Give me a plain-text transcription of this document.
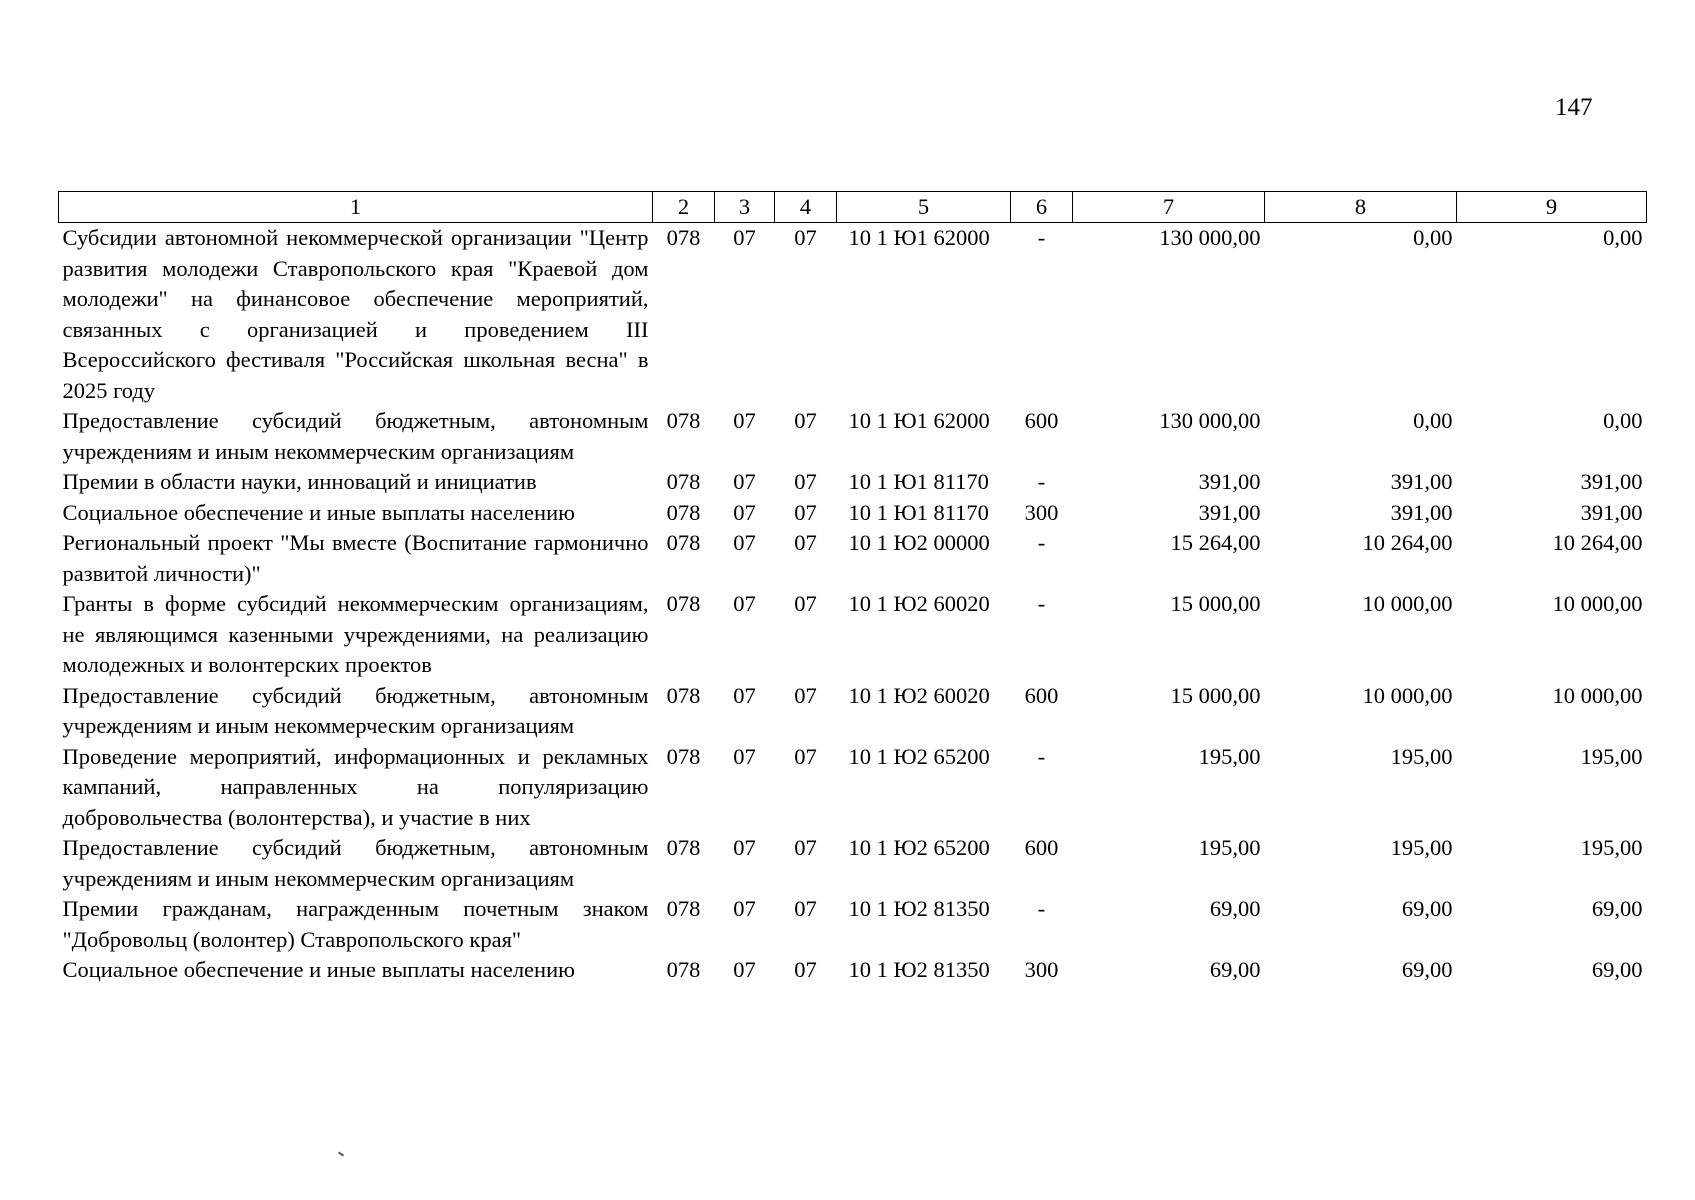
147
1	2	3	4	5	6	7	8	9
Субсидии автономной некоммерческой организации "Центр развития молодежи Ставропольского края "Краевой дом молодежи" на финансовое обеспечение мероприятий, связанных с организацией и проведением III Всероссийского фестиваля "Российская школьная весна" в 2025 году	078	07	07	10 1 Ю1 62000	-	130 000,00	0,00	0,00
Предоставление субсидий бюджетным, автономным учреждениям и иным некоммерческим организациям	078	07	07	10 1 Ю1 62000	600	130 000,00	0,00	0,00
Премии в области науки, инноваций и инициатив	078	07	07	10 1 Ю1 81170	-	391,00	391,00	391,00
Социальное обеспечение и иные выплаты населению	078	07	07	10 1 Ю1 81170	300	391,00	391,00	391,00
Региональный проект "Мы вместе (Воспитание гармонично развитой личности)"	078	07	07	10 1 Ю2 00000	-	15 264,00	10 264,00	10 264,00
Гранты в форме субсидий некоммерческим организациям, не являющимся казенными учреждениями, на реализацию молодежных и волонтерских проектов	078	07	07	10 1 Ю2 60020	-	15 000,00	10 000,00	10 000,00
Предоставление субсидий бюджетным, автономным учреждениям и иным некоммерческим организациям	078	07	07	10 1 Ю2 60020	600	15 000,00	10 000,00	10 000,00
Проведение мероприятий, информационных и рекламных кампаний, направленных на популяризацию добровольчества (волонтерства), и участие в них	078	07	07	10 1 Ю2 65200	-	195,00	195,00	195,00
Предоставление субсидий бюджетным, автономным учреждениям и иным некоммерческим организациям	078	07	07	10 1 Ю2 65200	600	195,00	195,00	195,00
Премии гражданам, награжденным почетным знаком "Добровольц (волонтер) Ставропольского края"	078	07	07	10 1 Ю2 81350	-	69,00	69,00	69,00
Социальное обеспечение и иные выплаты населению	078	07	07	10 1 Ю2 81350	300	69,00	69,00	69,00
